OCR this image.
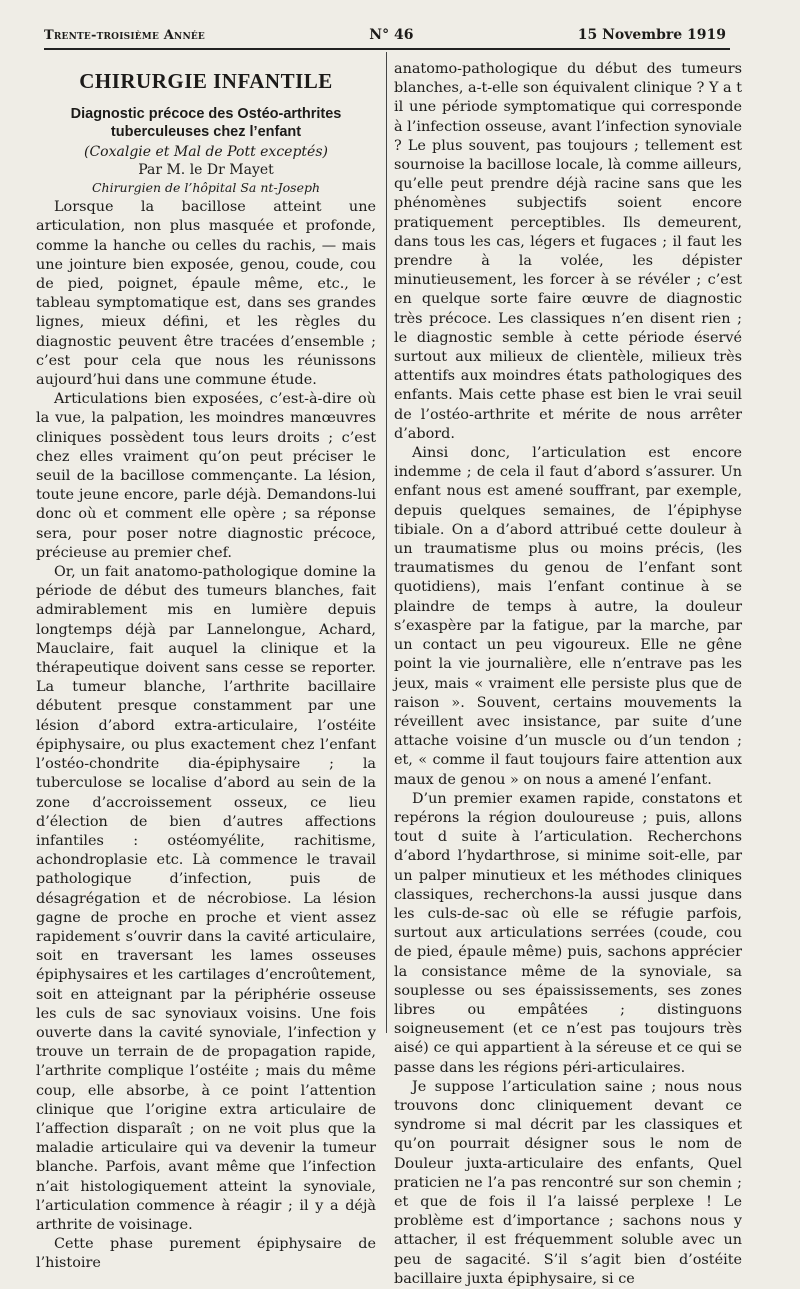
Trente-troisième Année	N° 46	15 Novembre 1919
CHIRURGIE INFANTILE
Diagnostic précoce des Ostéo-arthrites tuberculeuses chez l’enfant
(Coxalgie et Mal de Pott exceptés)
Par M. le Dr Mayet
Chirurgien de l’hôpital Sa nt-Joseph

Lorsque la bacillose atteint une articulation, non plus masquée et profonde, comme la hanche ou celles du rachis, — mais une jointure bien exposée, genou, coude, cou de pied, poignet, épaule même, etc., le tableau symptomatique est, dans ses grandes lignes, mieux défini, et les règles du diagnostic peuvent être tracées d’ensemble ; c’est pour cela que nous les réunissons aujourd’hui dans une commune étude.

Articulations bien exposées, c’est-à-dire où la vue, la palpation, les moindres manœuvres cliniques possèdent tous leurs droits ; c’est chez elles vraiment qu’on peut préciser le seuil de la bacillose commençante. La lésion, toute jeune encore, parle déjà. Demandons-lui donc où et comment elle opère ; sa réponse sera, pour poser notre diagnostic précoce, précieuse au premier chef.

Or, un fait anatomo-pathologique domine la période de début des tumeurs blanches, fait admirablement mis en lumière depuis longtemps déjà par Lannelongue, Achard, Mauclaire, fait auquel la clinique et la thérapeutique doivent sans cesse se reporter. La tumeur blanche, l’arthrite bacillaire débutent presque constamment par une lésion d’abord extra-articulaire, l’ostéite épiphysaire, ou plus exactement chez l’enfant l’ostéo-chondrite dia-épiphysaire ; la tuberculose se localise d’abord au sein de la zone d’accroissement osseux, ce lieu d’élection de bien d’autres affections infantiles : ostéomyélite, rachitisme, achondroplasie etc. Là commence le travail pathologique d’infection, puis de désagrégation et de nécrobiose. La lésion gagne de proche en proche et vient assez rapidement s’ouvrir dans la cavité articulaire, soit en traversant les lames osseuses épiphysaires et les cartilages d’encroûtement, soit en atteignant par la périphérie osseuse les culs de sac synoviaux voisins. Une fois ouverte dans la cavité synoviale, l’infection y trouve un terrain de de propagation rapide, l’arthrite complique l’ostéite ; mais du même coup, elle absorbe, à ce point l’attention clinique que l’origine extra articulaire de l’affection disparaît ; on ne voit plus que la maladie articulaire qui va devenir la tumeur blanche. Parfois, avant même que l’infection n’ait histologiquement atteint la synoviale, l’articulation commence à réagir ; il y a déjà arthrite de voisinage.

Cette phase purement épiphysaire de l’histoire

anatomo-pathologique du début des tumeurs blanches, a-t-elle son équivalent clinique ? Y a t il une période symptomatique qui corresponde à l’infection osseuse, avant l’infection synoviale ? Le plus souvent, pas toujours ; tellement est sournoise la bacillose locale, là comme ailleurs, qu’elle peut prendre déjà racine sans que les phénomènes subjectifs soient encore pratiquement perceptibles. Ils demeurent, dans tous les cas, légers et fugaces ; il faut les prendre à la volée, les dépister minutieusement, les forcer à se révéler ; c’est en quelque sorte faire œuvre de diagnostic très précoce. Les classiques n’en disent rien ; le diagnostic semble à cette période éservé surtout aux milieux de clientèle, milieux très attentifs aux moindres états pathologiques des enfants. Mais cette phase est bien le vrai seuil de l’ostéo-arthrite et mérite de nous arrêter d’abord.

Ainsi donc, l’articulation est encore indemme ; de cela il faut d’abord s’assurer. Un enfant nous est amené souffrant, par exemple, depuis quelques semaines, de l’épiphyse tibiale. On a d’abord attribué cette douleur à un traumatisme plus ou moins précis, (les traumatismes du genou de l’enfant sont quotidiens), mais l’enfant continue à se plaindre de temps à autre, la douleur s’exaspère par la fatigue, par la marche, par un contact un peu vigoureux. Elle ne gêne point la vie journalière, elle n’entrave pas les jeux, mais « vraiment elle persiste plus que de raison ». Souvent, certains mouvements la réveillent avec insistance, par suite d’une attache voisine d’un muscle ou d’un tendon ; et, « comme il faut toujours faire attention aux maux de genou » on nous a amené l’enfant.

D’un premier examen rapide, constatons et repérons la région douloureuse ; puis, allons tout d suite à l’articulation. Recherchons d’abord l’hydarthrose, si minime soit-elle, par un palper minutieux et les méthodes cliniques classiques, recherchons-la aussi jusque dans les culs-de-sac où elle se réfugie parfois, surtout aux articulations serrées (coude, cou de pied, épaule même) puis, sachons apprécier la consistance même de la synoviale, sa souplesse ou ses épaississements, ses zones libres ou empâtées ; distinguons soigneusement (et ce n’est pas toujours très aisé) ce qui appartient à la séreuse et ce qui se passe dans les régions péri-articulaires.

Je suppose l’articulation saine ; nous nous trouvons donc cliniquement devant ce syndrome si mal décrit par les classiques et qu’on pourrait désigner sous le nom de Douleur juxta-articulaire des enfants, Quel praticien ne l’a pas rencontré sur son chemin ; et que de fois il l’a laissé perplexe ! Le problème est d’importance ; sachons nous y attacher, il est fréquemment soluble avec un peu de sagacité. S’il s’agit bien d’ostéite bacillaire juxta épiphysaire, si ce
